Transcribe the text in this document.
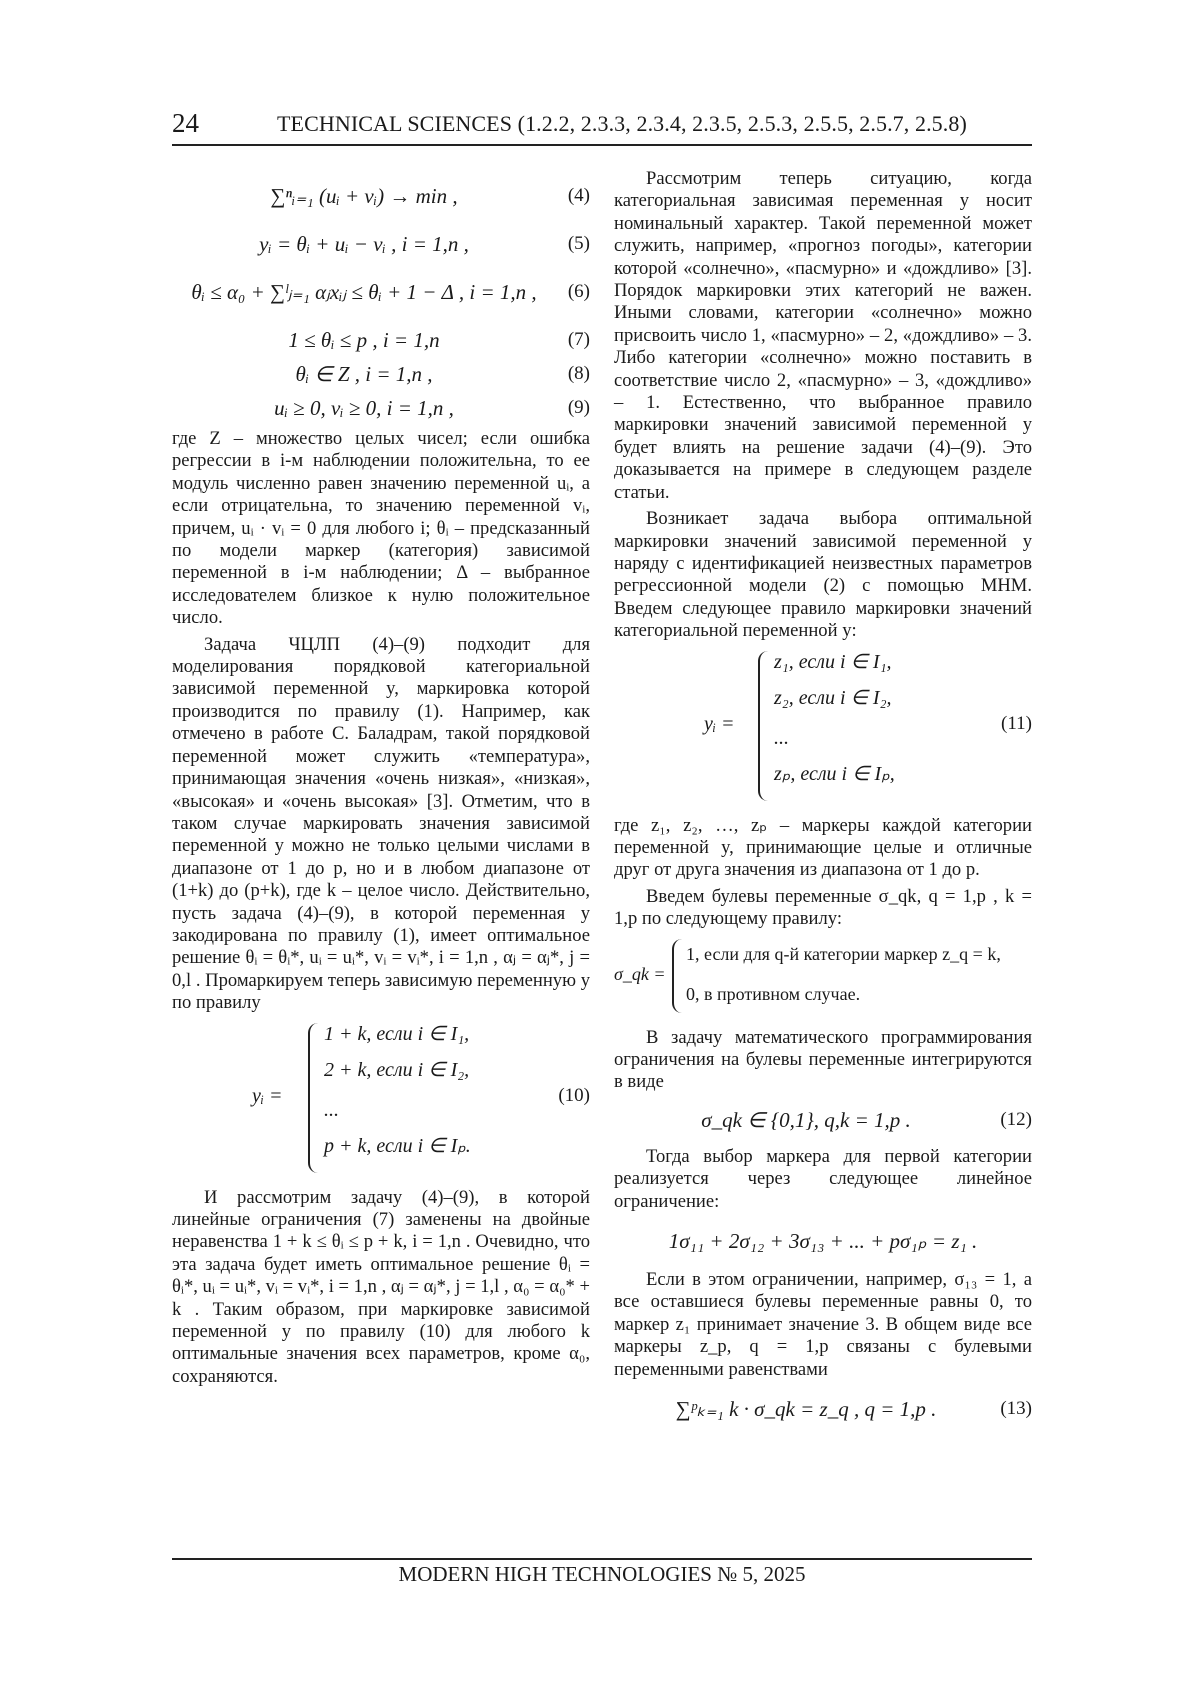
24	TECHNICAL SCIENCES (1.2.2, 2.3.3, 2.3.4, 2.3.5, 2.5.3, 2.5.5, 2.5.7, 2.5.8)
∑ⁿᵢ₌₁ (uᵢ + vᵢ) → min ,	(4)
yᵢ = θᵢ + uᵢ − vᵢ , i = 1,n ,	(5)
θᵢ ≤ α₀ + ∑ˡⱼ₌₁ αⱼxᵢⱼ ≤ θᵢ + 1 − Δ , i = 1,n ,	(6)
1 ≤ θᵢ ≤ p , i = 1,n	(7)
θᵢ ∈ Z , i = 1,n ,	(8)
uᵢ ≥ 0, vᵢ ≥ 0, i = 1,n ,	(9)

где Z – множество целых чисел; если ошибка регрессии в i-м наблюдении положительна, то ее модуль численно равен значению переменной uᵢ, а если отрицательна, то значению переменной vᵢ, причем, uᵢ · vᵢ = 0 для любого i; θᵢ – предсказанный по модели маркер (категория) зависимой переменной в i-м наблюдении; Δ – выбранное исследователем близкое к нулю положительное число.

Задача ЧЦЛП (4)–(9) подходит для моделирования порядковой категориальной зависимой переменной y, маркировка которой производится по правилу (1). Например, как отмечено в работе С. Баладрам, такой порядковой переменной может служить «температура», принимающая значения «очень низкая», «низкая», «высокая» и «очень высокая» [3]. Отметим, что в таком случае маркировать значения зависимой переменной y можно не только целыми числами в диапазоне от 1 до p, но и в любом диапазоне от (1+k) до (p+k), где k – целое число. Действительно, пусть задача (4)–(9), в которой переменная y закодирована по правилу (1), имеет оптимальное решение θᵢ = θᵢ*, uᵢ = uᵢ*, vᵢ = vᵢ*, i = 1,n , αⱼ = αⱼ*, j = 0,l . Промаркируем теперь зависимую переменную y по правилу

yᵢ =
1 + k, если i ∈ I₁,
2 + k, если i ∈ I₂,
...
p + k, если i ∈ Iₚ.
(10)

И рассмотрим задачу (4)–(9), в которой линейные ограничения (7) заменены на двойные неравенства 1 + k ≤ θᵢ ≤ p + k, i = 1,n . Очевидно, что эта задача будет иметь оптимальное решение θᵢ = θᵢ*, uᵢ = uᵢ*, vᵢ = vᵢ*, i = 1,n , αⱼ = αⱼ*, j = 1,l , α₀ = α₀* + k . Таким образом, при маркировке зависимой переменной y по правилу (10) для любого k оптимальные значения всех параметров, кроме α₀, сохраняются.

Рассмотрим теперь ситуацию, когда категориальная зависимая переменная y носит номинальный характер. Такой переменной может служить, например, «прогноз погоды», категории которой «солнечно», «пасмурно» и «дождливо» [3]. Порядок маркировки этих категорий не важен. Иными словами, категории «солнечно» можно присвоить число 1, «пасмурно» – 2, «дождливо» – 3. Либо категории «солнечно» можно поставить в соответствие число 2, «пасмурно» – 3, «дождливо» – 1. Естественно, что выбранное правило маркировки значений зависимой переменной y будет влиять на решение задачи (4)–(9). Это доказывается на примере в следующем разделе статьи.

Возникает задача выбора оптимальной маркировки значений зависимой переменной y наряду с идентификацией неизвестных параметров регрессионной модели (2) с помощью МНМ. Введем следующее правило маркировки значений категориальной переменной y:

yᵢ =
z₁, если i ∈ I₁,
z₂, если i ∈ I₂,
...
zₚ, если i ∈ Iₚ,
(11)

где z₁, z₂, …, zₚ – маркеры каждой категории переменной y, принимающие целые и отличные друг от друга значения из диапазона от 1 до p.

Введем булевы переменные σ_qk, q = 1,p , k = 1,p по следующему правилу:

σ_qk =
1, если для q-й категории маркер z_q = k,
0, в противном случае.

В задачу математического программирования ограничения на булевы переменные интегрируются в виде

σ_qk ∈ {0,1}, q,k = 1,p .	(12)

Тогда выбор маркера для первой категории реализуется через следующее линейное ограничение:

1σ₁₁ + 2σ₁₂ + 3σ₁₃ + ... + pσ₁ₚ = z₁ .

Если в этом ограничении, например, σ₁₃ = 1, а все оставшиеся булевы переменные равны 0, то маркер z₁ принимает значение 3. В общем виде все маркеры z_p, q = 1,p связаны с булевыми переменными равенствами

∑ᵖₖ₌₁ k · σ_qk = z_q , q = 1,p .	(13)
MODERN HIGH TECHNOLOGIES № 5, 2025
